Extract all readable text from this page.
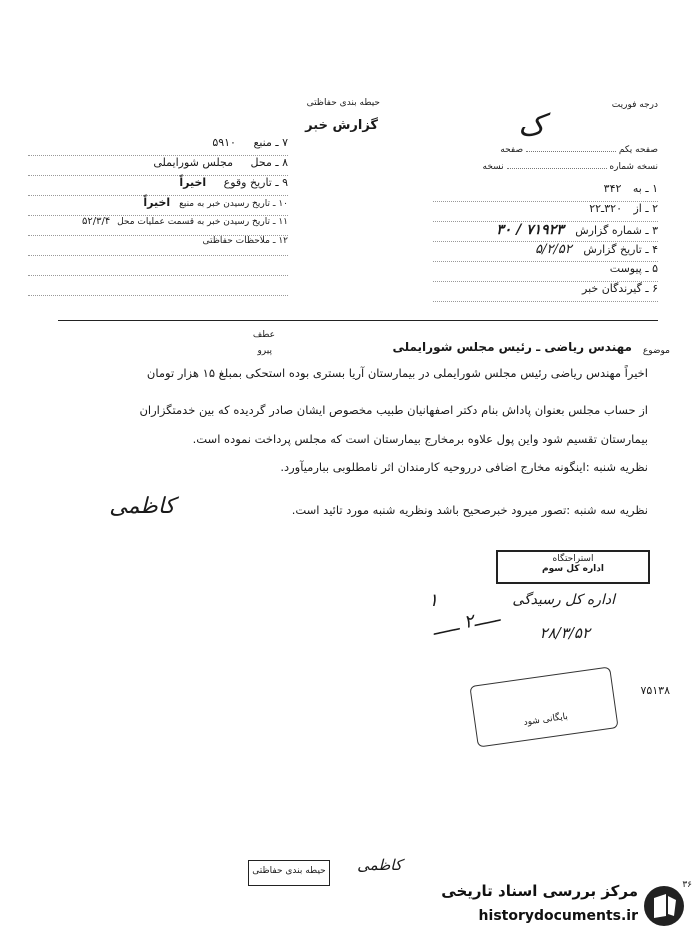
درجه فوریت
حیطه بندی حفاظتی
گزارش خبر	ک
صفحه یکم  صفحه
نسخه شماره  نسخه
۱ ـ به ۳۴۲
۲ ـ از ۳۲۰ـ۲۲
۳ ـ شماره گزارش ۷۱۹۲۳ / ۳۰
۴ ـ تاریخ گزارش ۵/۲/۵۲
۵ ـ پیوست
۶ ـ گیرندگان خبر
۷ ـ منبع ۵۹۱۰
۸ ـ محل مجلس شورایملی
۹ ـ تاریخ وقوع اخیراً
۱۰ ـ تاریخ رسیدن خبر به منبع اخیراً
۱۱ ـ تاریخ رسیدن خبر به قسمت عملیات محل ۵۲/۳/۴
۱۲ ـ ملاحظات حفاظتی
موضوع
مهندس ریاضی ـ رئیس مجلس شورایملی
عطف
پیرو
اخیراً مهندس ریاضی رئیس مجلس شورایملی در بیمارستان آریا بستری بوده استحکی بمبلغ ۱۵ هزار تومان
از حساب مجلس بعنوان پاداش بنام دکتر اصفهانیان طبیب مخصوص ایشان صادر گردیده که بین خدمتگزاران
بیمارستان تقسیم شود واین پول علاوه برمخارج بیمارستان است که مجلس پرداخت نموده است.
نظریه شنبه :اینگونه مخارج اضافی درروحیه کارمندان اثر نامطلوبی ببارمیآورد.
نظریه سه شنبه :تصور میرود خبرصحیح باشد ونظریه شنبه مورد تائید است.
کاظمی
استراحتگاه
اداره کل سوم
اداره کل رسیدگی
۱
۲۸/۳/۵۲
ـــــ۲ ـــــ
۷۵۱۳۸
بایگانی شود
حیطه بندی حفاظتی کاظمی
۳۶
مرکز بررسی اسناد تاریخی
historydocuments.ir
